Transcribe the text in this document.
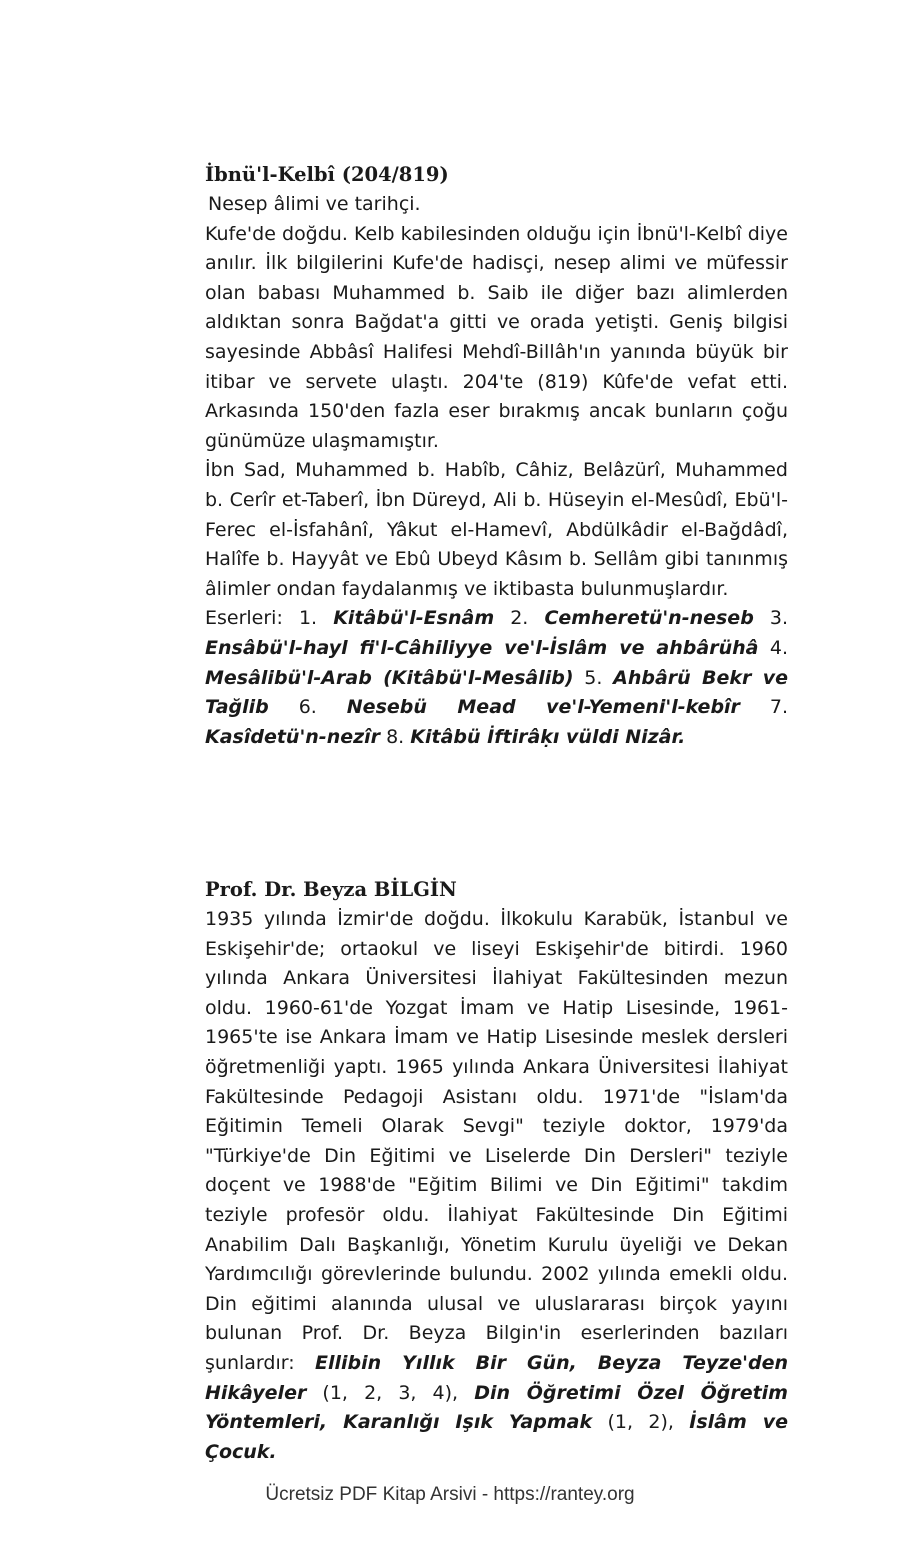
İbnü'l-Kelbî (204/819)

Nesep âlimi ve tarihçi.

Kufe'de doğdu. Kelb kabilesinden olduğu için İbnü'l-Kelbî diye anılır. İlk bilgilerini Kufe'de hadisçi, nesep alimi ve müfessir olan babası Muhammed b. Saib ile diğer bazı alimlerden aldıktan sonra Bağdat'a gitti ve orada yetişti. Geniş bilgisi sayesinde Abbâsî Halifesi Mehdî-Billâh'ın yanında büyük bir itibar ve servete ulaştı. 204'te (819) Kûfe'de vefat etti. Arkasında 150'den fazla eser bırakmış ancak bunların çoğu günümüze ulaşmamıştır.

İbn Sad, Muhammed b. Habîb, Câhiz, Belâzürî, Muhammed b. Cerîr et-Taberî, İbn Düreyd, Ali b. Hüseyin el-Mesûdî, Ebü'l-Ferec el-İsfahânî, Yâkut el-Hamevî, Abdülkâdir el-Bağdâdî, Halîfe b. Hayyât ve Ebû Ubeyd Kâsım b. Sellâm gibi tanınmış âlimler ondan faydalanmış ve iktibasta bulunmuşlardır.

Eserleri: 1. Kitâbü'l-Esnâm 2. Cemheretü'n-neseb 3. Ensâbü'l-hayl fi'l-Câhiliyye ve'l-İslâm ve ahbârühâ 4. Mesâlibü'l-Arab (Kitâbü'l-Mesâlib) 5. Ahbârü Bekr ve Tağlib 6. Nesebü Mead ve'l-Yemeni'l-kebîr 7. Kasîdetü'n-nezîr 8. Kitâbü İftirâḳı vüldi Nizâr.

Prof. Dr. Beyza BİLGİN

1935 yılında İzmir'de doğdu. İlkokulu Karabük, İstanbul ve Eskişehir'de; ortaokul ve liseyi Eskişehir'de bitirdi. 1960 yılında Ankara Üniversitesi İlahiyat Fakültesinden mezun oldu. 1960-61'de Yozgat İmam ve Hatip Lisesinde, 1961-1965'te ise Ankara İmam ve Hatip Lisesinde meslek dersleri öğretmenliği yaptı. 1965 yılında Ankara Üniversitesi İlahiyat Fakültesinde Pedagoji Asistanı oldu. 1971'de "İslam'da Eğitimin Temeli Olarak Sevgi" teziyle doktor, 1979'da "Türkiye'de Din Eğitimi ve Liselerde Din Dersleri" teziyle doçent ve 1988'de "Eğitim Bilimi ve Din Eğitimi" takdim teziyle profesör oldu. İlahiyat Fakültesinde Din Eğitimi Anabilim Dalı Başkanlığı, Yönetim Kurulu üyeliği ve Dekan Yardımcılığı görevlerinde bulundu. 2002 yılında emekli oldu. Din eğitimi alanında ulusal ve uluslararası birçok yayını bulunan Prof. Dr. Beyza Bilgin'in eserlerinden bazıları şunlardır: Ellibin Yıllık Bir Gün, Beyza Teyze'den Hikâyeler (1, 2, 3, 4), Din Öğretimi Özel Öğretim Yöntemleri, Karanlığı Işık Yapmak (1, 2), İslâm ve Çocuk.

Ücretsiz PDF Kitap Arsivi - https://rantey.org
